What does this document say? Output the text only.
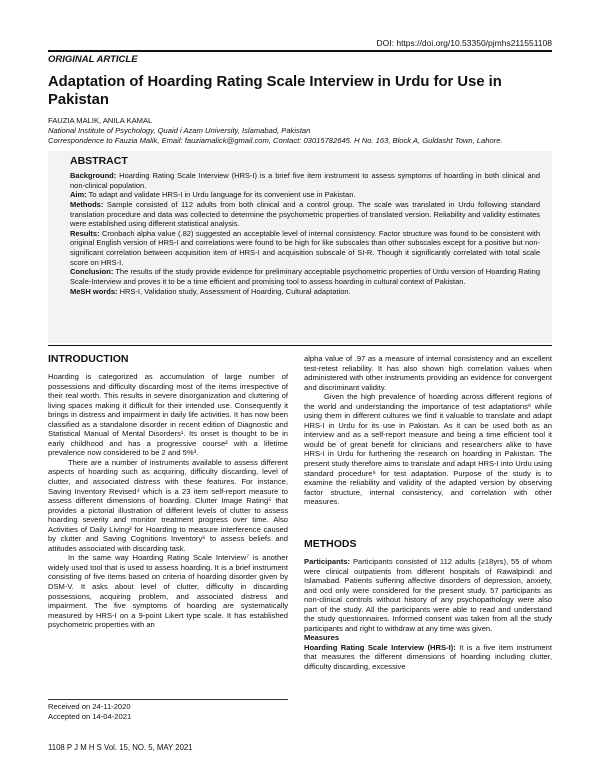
DOI: https://doi.org/10.53350/pjmhs211551108
ORIGINAL ARTICLE
Adaptation of Hoarding Rating Scale Interview in Urdu for Use in Pakistan
FAUZIA MALIK, ANILA KAMAL
National Institute of Psychology, Quaid i Azam University, Islamabad, Pakistan
Correspondence to Fauzia Malik, Email: fauziamalick@gmail.com, Contact: 03015782645. H No. 163, Block A, Guldasht Town, Lahore.
ABSTRACT

Background: Hoarding Rating Scale Interview (HRS-I) is a brief five item instrument to assess symptoms of hoarding in both clinical and non-clinical population.

Aim: To adapt and validate HRS-I in Urdu language for its convenient use in Pakistan.

Methods: Sample consisted of 112 adults from both clinical and a control group. The scale was translated in Urdu following standard translation procedure and data was collected to determine the psychometric properties of translated version. Reliability and validity estimates were established using different statistical analysis.

Results: Cronbach alpha value (.82) suggested an acceptable level of internal consistency. Factor structure was found to be consistent with original English version of HRS-I and correlations were found to be high for like subscales than other subscales except for a positive but non-significant correlation between acquisition item of HRS-I and acquisition subscale of SI-R. Though it significantly correlated with total scale score on HRS-I.

Conclusion: The results of the study provide evidence for preliminary acceptable psychometric properties of Urdu version of Hoarding Rating Scale-Interview and proves it to be a time efficient and promising tool to assess hoarding in cultural context of Pakistan.

MeSH words: HRS-I, Validation study, Assessment of Hoarding, Cultural adaptation.

INTRODUCTION

Hoarding is categorized as accumulation of large number of possessions and difficulty discarding most of the items irrespective of their real worth. This results in severe disorganization and cluttering of living spaces making it difficult for their intended use. Consequently it brings in distress and impairment in daily life activities. It has now been classified as a standalone disorder in recent edition of Diagnostic and Statistical Manual of Mental Disorders¹. Its onset is thought to be in early childhood and has a progressive course² with a lifetime prevalence now considered to be 2 and 5%³.

There are a number of instruments available to assess different aspects of hoarding such as acquiring, difficulty discarding, level of clutter, and associated distress with these features. For instance, Saving Inventory Revised⁴ which is a 23 item self-report measure to assess different dimensions of hoarding. Clutter Image Rating⁵ that provides a pictorial illustration of different levels of clutter to assess hoarding severity and monitor treatment progress over time. Also Activities of Daily Living² for Hoarding to measure interference caused by clutter and Saving Cognitions Inventory⁶ to assess beliefs and attitudes associated with discarding task.

In the same way Hoarding Rating Scale Interview⁷ is another widely used tool that is used to assess hoarding. It is a brief instrument consisting of five items based on criteria of hoarding disorder given by DSM-V. It asks about level of clutter, difficulty in discarding possessions, acquiring problem, and associated distress and impairment. The five symptoms of hoarding are systematically measured by HRS-I on a 9-point Likert type scale. It has established psychometric properties with an

Received on 24-11-2020
Accepted on 14-04-2021

alpha value of .97 as a measure of internal consistency and an excellent test-retest reliability. It has also shown high correlation values when administered with other instruments providing an evidence for convergent and discriminant validity.

Given the high prevalence of hoarding across different regions of the world and understanding the importance of test adaptations⁸ while using them in different cultures we find it valuable to translate and adapt HRS-I in Urdu for its use in Pakistan. As it can be used both as an interview and as a self-report measure and being a time efficient tool it would be of great benefit for clinicians and researchers alike to have HRS-I in Urdu for furthering the research on hoarding in Pakistan. The present study therefore aims to translate and adapt HRS-I into Urdu using standard procedure⁹ for test adaptation. Purpose of the study is to examine the reliability and validity of the adapted version by observing factor structure, internal consistency, and correlation with other measures.

METHODS

Participants: Participants consisted of 112 adults (≥18yrs), 55 of whom were clinical outpatients from different hospitals of Rawalpindi and Islamabad. Patients suffering affective disorders of depression, anxiety, and ocd only were considered for the present study. 57 participants as non-clinical controls without history of any psychopathology were also part of the study. All the participants were able to read and understand the study questionnaires. Informed consent was taken from all the study participants and right to withdraw at any time was given.

Measures

Hoarding Rating Scale Interview (HRS-I): It is a five item instrument that measures the different dimensions of hoarding including clutter, difficulty discarding, excessive

1108 P J M H S Vol. 15, NO. 5, MAY 2021
